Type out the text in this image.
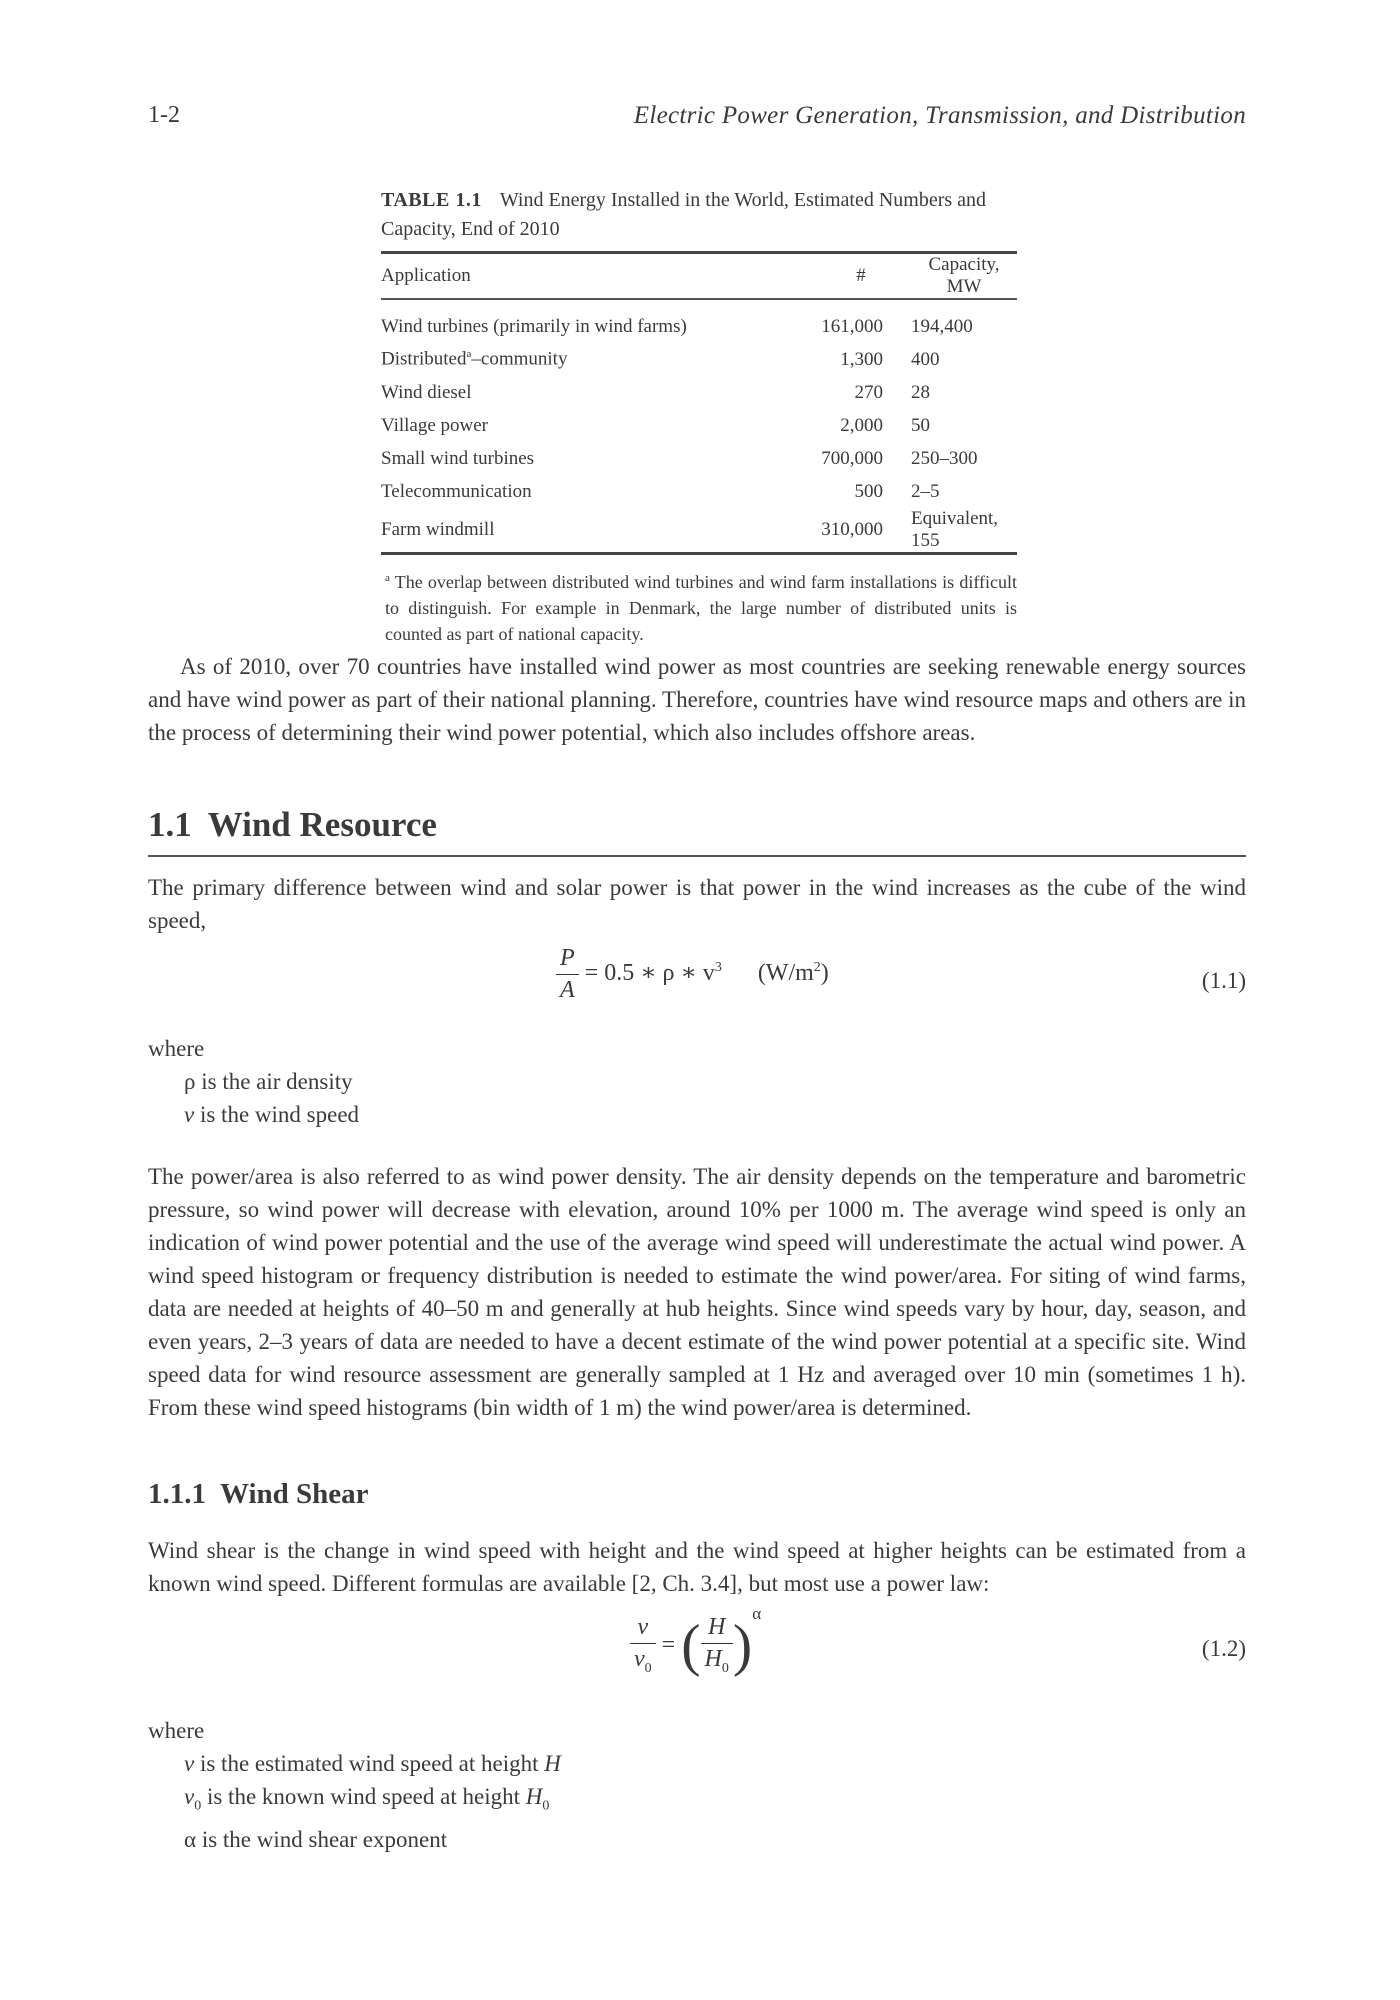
1-2	Electric Power Generation, Transmission, and Distribution

TABLE 1.1 Wind Energy Installed in the World, Estimated Numbers and Capacity, End of 2010

Application	#	Capacity, MW
Wind turbines (primarily in wind farms)	161,000	194,400
Distributed$^a$–community	1,300	400
Wind diesel	270	28
Village power	2,000	50
Small wind turbines	700,000	250–300
Telecommunication	500	2–5
Farm windmill	310,000	Equivalent, 155

$^a$ The overlap between distributed wind turbines and wind farm installations is difficult to distinguish. For example in Denmark, the large number of distributed units is counted as part of national capacity.

As of 2010, over 70 countries have installed wind power as most countries are seeking renewable energy sources and have wind power as part of their national planning. Therefore, countries have wind resource maps and others are in the process of determining their wind power potential, which also includes offshore areas.

1.1 Wind Resource

The primary difference between wind and solar power is that power in the wind increases as the cube of the wind speed,

$\frac{P}{A} = 0.5$ ∗ ρ ∗ $v^3$ $(W/m^2)$	(1.1)
where
ρ is the air density
v is the wind speed

The power/area is also referred to as wind power density. The air density depends on the temperature and barometric pressure, so wind power will decrease with elevation, around 10% per 1000 m. The average wind speed is only an indication of wind power potential and the use of the average wind speed will underestimate the actual wind power. A wind speed histogram or frequency distribution is needed to estimate the wind power/area. For siting of wind farms, data are needed at heights of 40–50 m and generally at hub heights. Since wind speeds vary by hour, day, season, and even years, 2–3 years of data are needed to have a decent estimate of the wind power potential at a specific site. Wind speed data for wind resource assessment are generally sampled at 1 Hz and averaged over 10 min (sometimes 1 h). From these wind speed histograms (bin width of 1 m) the wind power/area is determined.

1.1.1 Wind Shear

Wind shear is the change in wind speed with height and the wind speed at higher heights can be estimated from a known wind speed. Different formulas are available [2, Ch. 3.4], but most use a power law:

$\frac{v}{v_0}$ = ( $\frac{H}{H_0} )^\alpha$
(1.2)
where
v is the estimated wind speed at height H
$v_0$ is the known wind speed at height $H_0$
α is the wind shear exponent
